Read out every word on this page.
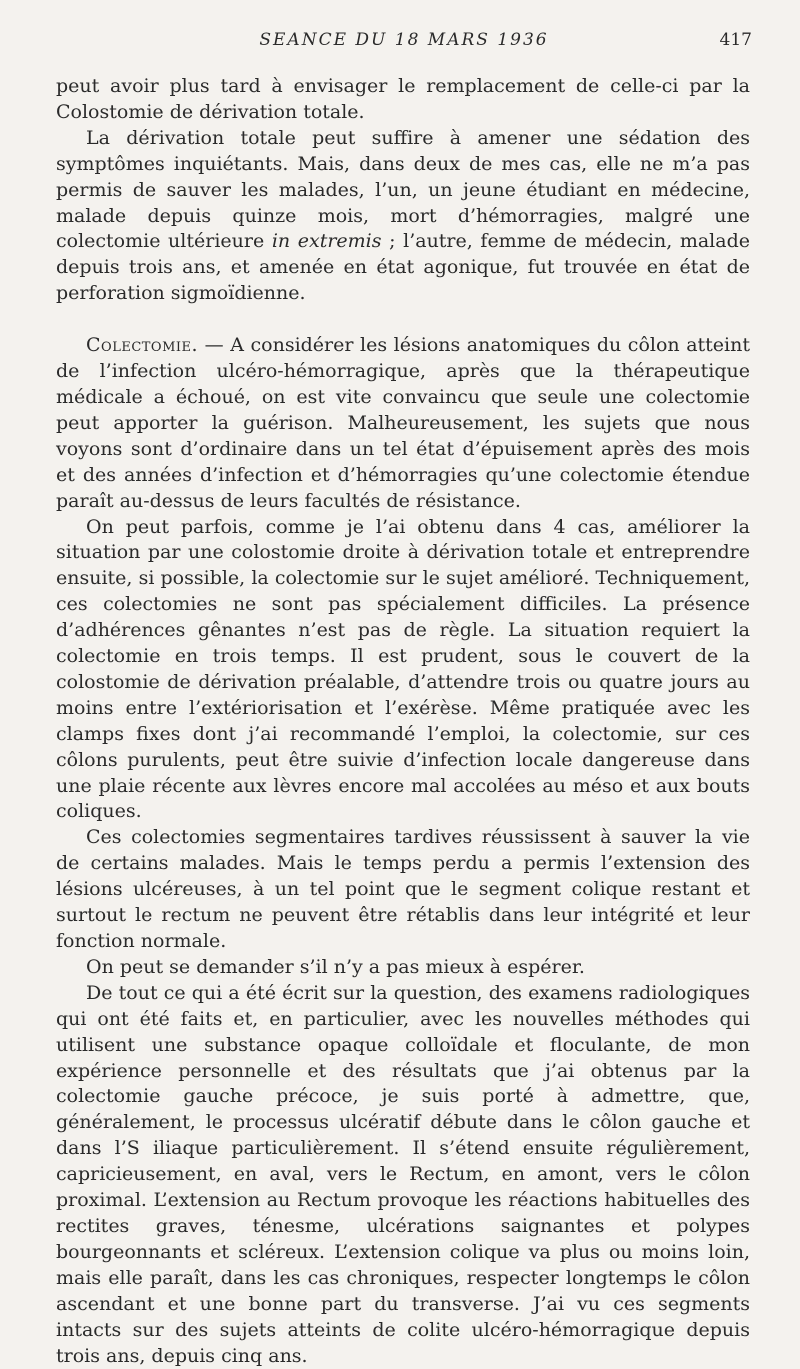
SEANCE DU 18 MARS 1936	417

peut avoir plus tard à envisager le remplacement de celle-ci par la Colostomie de dérivation totale.

La dérivation totale peut suffire à amener une sédation des symptômes inquiétants. Mais, dans deux de mes cas, elle ne m’a pas permis de sauver les malades, l’un, un jeune étudiant en médecine, malade depuis quinze mois, mort d’hémorragies, malgré une colectomie ultérieure in extremis ; l’autre, femme de médecin, malade depuis trois ans, et amenée en état agonique, fut trouvée en état de perforation sigmoïdienne.

Colectomie. — A considérer les lésions anatomiques du côlon atteint de l’infection ulcéro-hémorragique, après que la thérapeutique médicale a échoué, on est vite convaincu que seule une colectomie peut apporter la guérison. Malheureusement, les sujets que nous voyons sont d’ordinaire dans un tel état d’épuisement après des mois et des années d’infection et d’hémorragies qu’une colectomie étendue paraît au-dessus de leurs facultés de résistance.

On peut parfois, comme je l’ai obtenu dans 4 cas, améliorer la situation par une colostomie droite à dérivation totale et entreprendre ensuite, si possible, la colectomie sur le sujet amélioré. Techniquement, ces colectomies ne sont pas spécialement difficiles. La présence d’adhérences gênantes n’est pas de règle. La situation requiert la colectomie en trois temps. Il est prudent, sous le couvert de la colostomie de dérivation préalable, d’attendre trois ou quatre jours au moins entre l’extériorisation et l’exérèse. Même pratiquée avec les clamps fixes dont j’ai recommandé l’emploi, la colectomie, sur ces côlons purulents, peut être suivie d’infection locale dangereuse dans une plaie récente aux lèvres encore mal accolées au méso et aux bouts coliques.

Ces colectomies segmentaires tardives réussissent à sauver la vie de certains malades. Mais le temps perdu a permis l’extension des lésions ulcéreuses, à un tel point que le segment colique restant et surtout le rectum ne peuvent être rétablis dans leur intégrité et leur fonction normale.

On peut se demander s’il n’y a pas mieux à espérer.

De tout ce qui a été écrit sur la question, des examens radiologiques qui ont été faits et, en particulier, avec les nouvelles méthodes qui utilisent une substance opaque colloïdale et floculante, de mon expérience personnelle et des résultats que j’ai obtenus par la colectomie gauche précoce, je suis porté à admettre, que, généralement, le processus ulcératif débute dans le côlon gauche et dans l’S iliaque particulièrement. Il s’étend ensuite régulièrement, capricieusement, en aval, vers le Rectum, en amont, vers le côlon proximal. L’extension au Rectum provoque les réactions habituelles des rectites graves, ténesme, ulcérations saignantes et polypes bourgeonnants et scléreux. L’extension colique va plus ou moins loin, mais elle paraît, dans les cas chroniques, respecter longtemps le côlon ascendant et une bonne part du transverse. J’ai vu ces segments intacts sur des sujets atteints de colite ulcéro-hémorragique depuis trois ans, depuis cinq ans.
